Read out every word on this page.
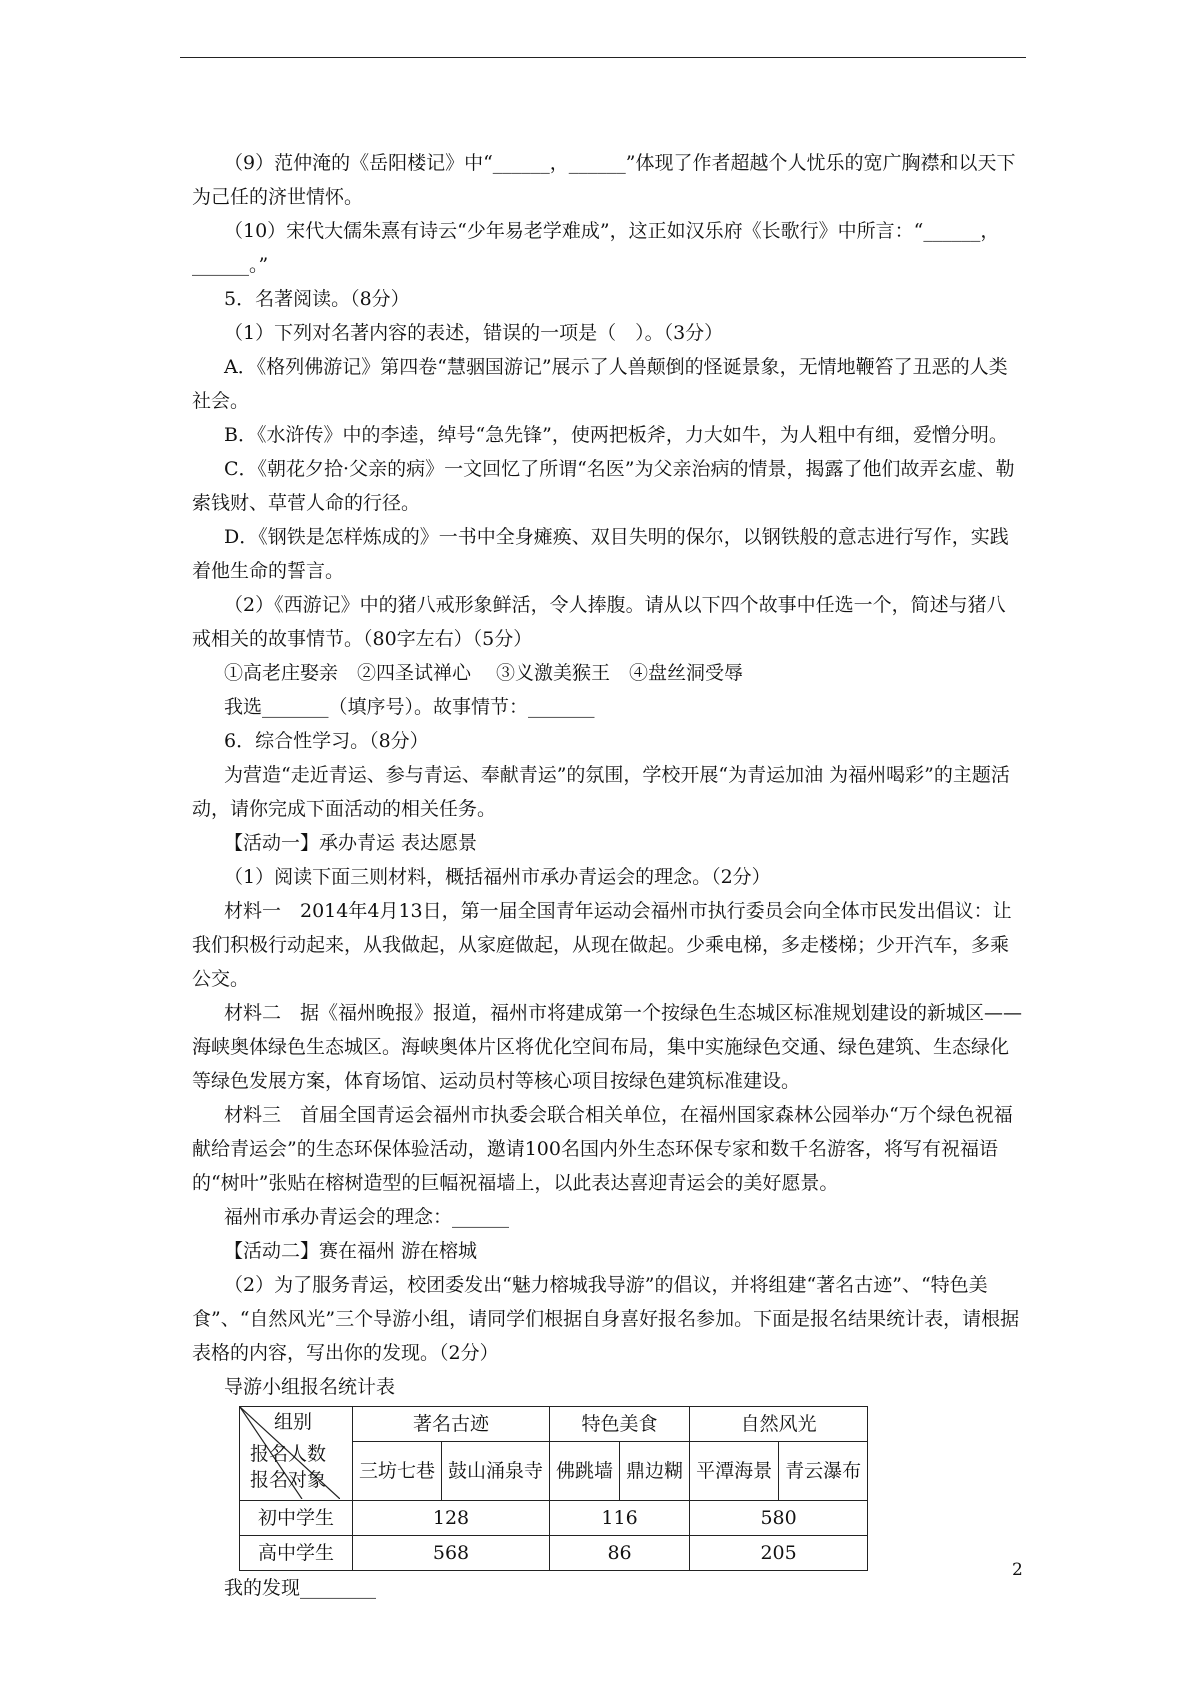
（9）范仲淹的《岳阳楼记》中“______，______”体现了作者超越个人忧乐的宽广胸襟和以天下为己任的济世情怀。

（10）宋代大儒朱熹有诗云“少年易老学难成”，这正如汉乐府《长歌行》中所言：“______，______。”

5．名著阅读。（8分）

（1）下列对名著内容的表述，错误的一项是（　）。（3分）

A．《格列佛游记》第四卷“慧骃国游记”展示了人兽颠倒的怪诞景象，无情地鞭笞了丑恶的人类社会。

B．《水浒传》中的李逵，绰号“急先锋”，使两把板斧，力大如牛，为人粗中有细，爱憎分明。

C．《朝花夕拾·父亲的病》一文回忆了所谓“名医”为父亲治病的情景，揭露了他们故弄玄虚、勒索钱财、草菅人命的行径。

D．《钢铁是怎样炼成的》一书中全身瘫痪、双目失明的保尔，以钢铁般的意志进行写作，实践着他生命的誓言。

（2）《西游记》中的猪八戒形象鲜活，令人捧腹。请从以下四个故事中任选一个，简述与猪八戒相关的故事情节。（80字左右）（5分）

①高老庄娶亲　②四圣试禅心　 ③义激美猴王　④盘丝洞受辱

我选_______（填序号）。故事情节：_______

6．综合性学习。（8分）

为营造“走近青运、参与青运、奉献青运”的氛围，学校开展“为青运加油 为福州喝彩”的主题活动，请你完成下面活动的相关任务。

【活动一】承办青运 表达愿景

（1）阅读下面三则材料，概括福州市承办青运会的理念。（2分）

材料一　2014年4月13日，第一届全国青年运动会福州市执行委员会向全体市民发出倡议：让我们积极行动起来，从我做起，从家庭做起，从现在做起。少乘电梯，多走楼梯；少开汽车，多乘公交。

材料二　据《福州晚报》报道，福州市将建成第一个按绿色生态城区标准规划建设的新城区——海峡奥体绿色生态城区。海峡奥体片区将优化空间布局，集中实施绿色交通、绿色建筑、生态绿化等绿色发展方案，体育场馆、运动员村等核心项目按绿色建筑标准建设。

材料三　首届全国青运会福州市执委会联合相关单位，在福州国家森林公园举办“万个绿色祝福献给青运会”的生态环保体验活动，邀请100名国内外生态环保专家和数千名游客，将写有祝福语的“树叶”张贴在榕树造型的巨幅祝福墙上，以此表达喜迎青运会的美好愿景。

福州市承办青运会的理念：______

【活动二】赛在福州 游在榕城

（2）为了服务青运，校团委发出“魅力榕城我导游”的倡议，并将组建“著名古迹”、“特色美食”、“自然风光”三个导游小组，请同学们根据自身喜好报名参加。下面是报名结果统计表，请根据表格的内容，写出你的发现。（2分）

导游小组报名统计表

组别
报名人数
报名对象	著名古迹		特色美食		自然风光	
	三坊七巷	鼓山涌泉寺	佛跳墙	鼎边糊	平潭海景	青云瀑布
初中学生	128		116		580	
高中学生	568		86		205	

我的发现________

2
